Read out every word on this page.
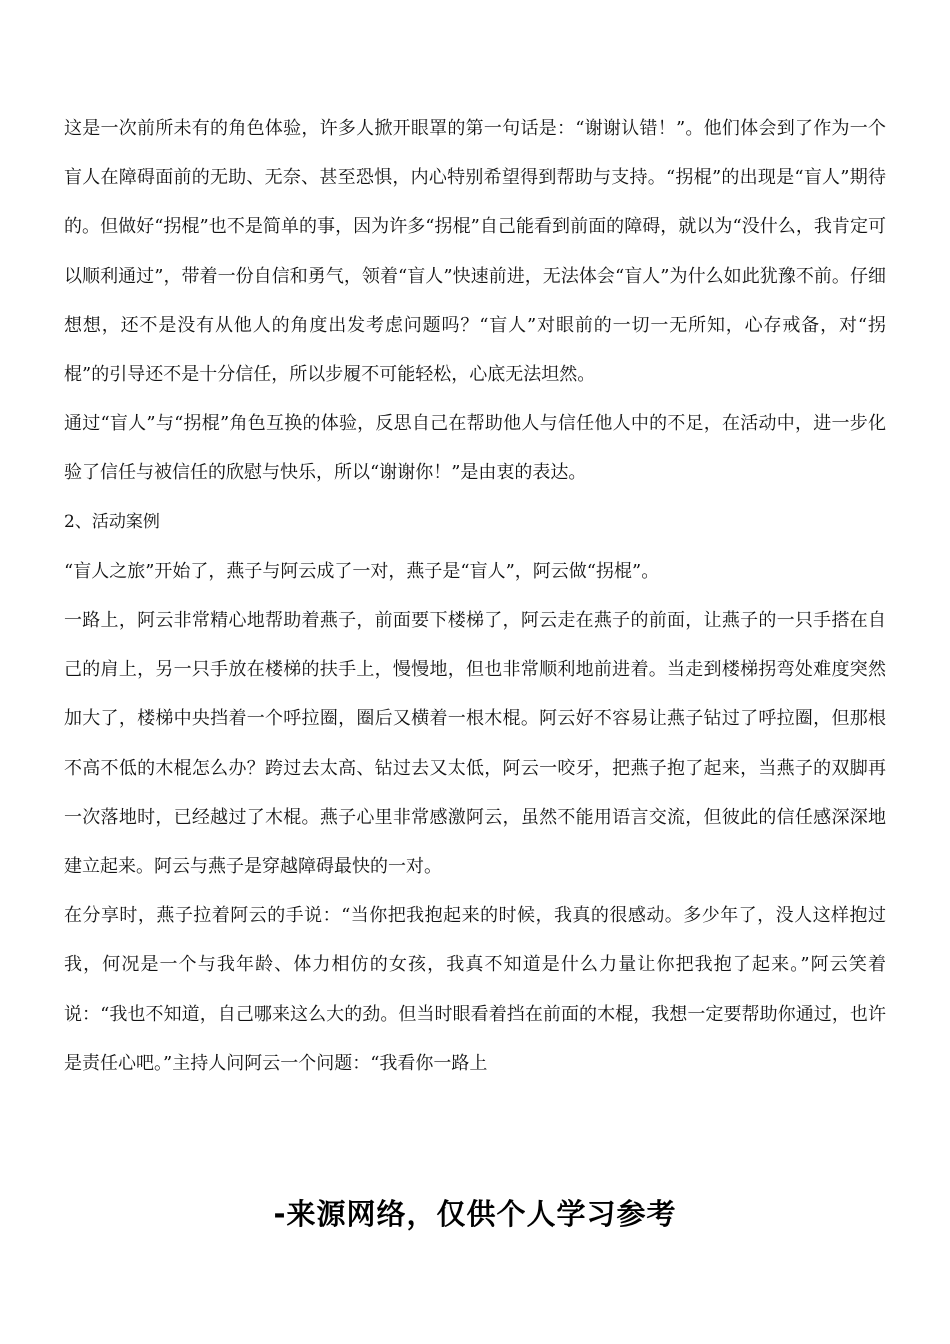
这是一次前所未有的角色体验，许多人掀开眼罩的第一句话是：“谢谢认错！”。他们体会到了作为一个盲人在障碍面前的无助、无奈、甚至恐惧，内心特别希望得到帮助与支持。“拐棍”的出现是“盲人”期待的。但做好“拐棍”也不是简单的事，因为许多“拐棍”自己能看到前面的障碍，就以为“没什么，我肯定可以顺利通过”，带着一份自信和勇气，领着“盲人”快速前进，无法体会“盲人”为什么如此犹豫不前。仔细想想，还不是没有从他人的角度出发考虑问题吗？“盲人”对眼前的一切一无所知，心存戒备，对“拐棍”的引导还不是十分信任，所以步履不可能轻松，心底无法坦然。

通过“盲人”与“拐棍”角色互换的体验，反思自己在帮助他人与信任他人中的不足，在活动中，进一步化验了信任与被信任的欣慰与快乐，所以“谢谢你！”是由衷的表达。

2、活动案例

“盲人之旅”开始了，燕子与阿云成了一对，燕子是“盲人”，阿云做“拐棍”。

一路上，阿云非常精心地帮助着燕子，前面要下楼梯了，阿云走在燕子的前面，让燕子的一只手搭在自己的肩上，另一只手放在楼梯的扶手上，慢慢地，但也非常顺利地前进着。当走到楼梯拐弯处难度突然加大了，楼梯中央挡着一个呼拉圈，圈后又横着一根木棍。阿云好不容易让燕子钻过了呼拉圈，但那根不高不低的木棍怎么办？跨过去太高、钻过去又太低，阿云一咬牙，把燕子抱了起来，当燕子的双脚再一次落地时，已经越过了木棍。燕子心里非常感激阿云，虽然不能用语言交流，但彼此的信任感深深地建立起来。阿云与燕子是穿越障碍最快的一对。

在分享时，燕子拉着阿云的手说：“当你把我抱起来的时候，我真的很感动。多少年了，没人这样抱过我，何况是一个与我年龄、体力相仿的女孩，我真不知道是什么力量让你把我抱了起来。”阿云笑着说：“我也不知道，自己哪来这么大的劲。但当时眼看着挡在前面的木棍，我想一定要帮助你通过，也许是责任心吧。”主持人问阿云一个问题：“我看你一路上

-来源网络，仅供个人学习参考
